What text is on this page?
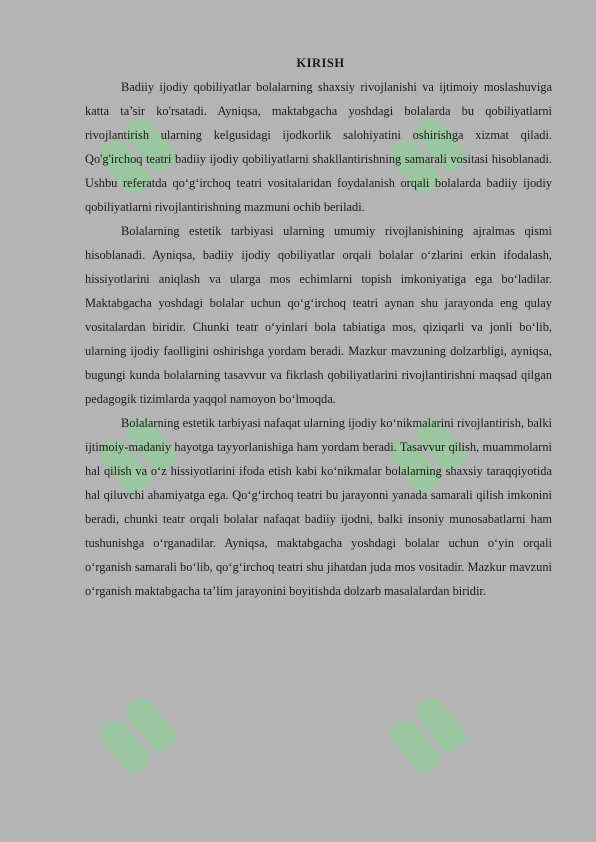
KIRISH

Badiiy ijodiy qobiliyatlar bolalarning shaxsiy rivojlanishi va ijtimoiy moslashuviga katta ta’sir ko'rsatadi. Ayniqsa, maktabgacha yoshdagi bolalarda bu qobiliyatlarni rivojlantirish ularning kelgusidagi ijodkorlik salohiyatini oshirishga xizmat qiladi. Qo'g'irchoq teatri badiiy ijodiy qobiliyatlarni shakllantirishning samarali vositasi hisoblanadi. Ushbu referatda qo‘g‘irchoq teatri vositalaridan foydalanish orqali bolalarda badiiy ijodiy qobiliyatlarni rivojlantirishning mazmuni ochib beriladi.

Bolalarning estetik tarbiyasi ularning umumiy rivojlanishining ajralmas qismi hisoblanadi. Ayniqsa, badiiy ijodiy qobiliyatlar orqali bolalar o‘zlarini erkin ifodalash, hissiyotlarini aniqlash va ularga mos echimlarni topish imkoniyatiga ega bo‘ladilar. Maktabgacha yoshdagi bolalar uchun qo‘g‘irchoq teatri aynan shu jarayonda eng qulay vositalardan biridir. Chunki teatr o‘yinlari bola tabiatiga mos, qiziqarli va jonli bo‘lib, ularning ijodiy faolligini oshirishga yordam beradi. Mazkur mavzuning dolzarbligi, ayniqsa, bugungi kunda bolalarning tasavvur va fikrlash qobiliyatlarini rivojlantirishni maqsad qilgan pedagogik tizimlarda yaqqol namoyon bo‘lmoqda.

Bolalarning estetik tarbiyasi nafaqat ularning ijodiy ko‘nikmalarini rivojlantirish, balki ijtimoiy-madaniy hayotga tayyorlanishiga ham yordam beradi. Tasavvur qilish, muammolarni hal qilish va o‘z hissiyotlarini ifoda etish kabi ko‘nikmalar bolalarning shaxsiy taraqqiyotida hal qiluvchi ahamiyatga ega. Qo‘g‘irchoq teatri bu jarayonni yanada samarali qilish imkonini beradi, chunki teatr orqali bolalar nafaqat badiiy ijodni, balki insoniy munosabatlarni ham tushunishga o‘rganadilar. Ayniqsa, maktabgacha yoshdagi bolalar uchun o‘yin orqali o‘rganish samarali bo‘lib, qo‘g‘irchoq teatri shu jihatdan juda mos vositadir. Mazkur mavzuni o‘rganish maktabgacha ta’lim jarayonini boyitishda dolzarb masalalardan biridir.
